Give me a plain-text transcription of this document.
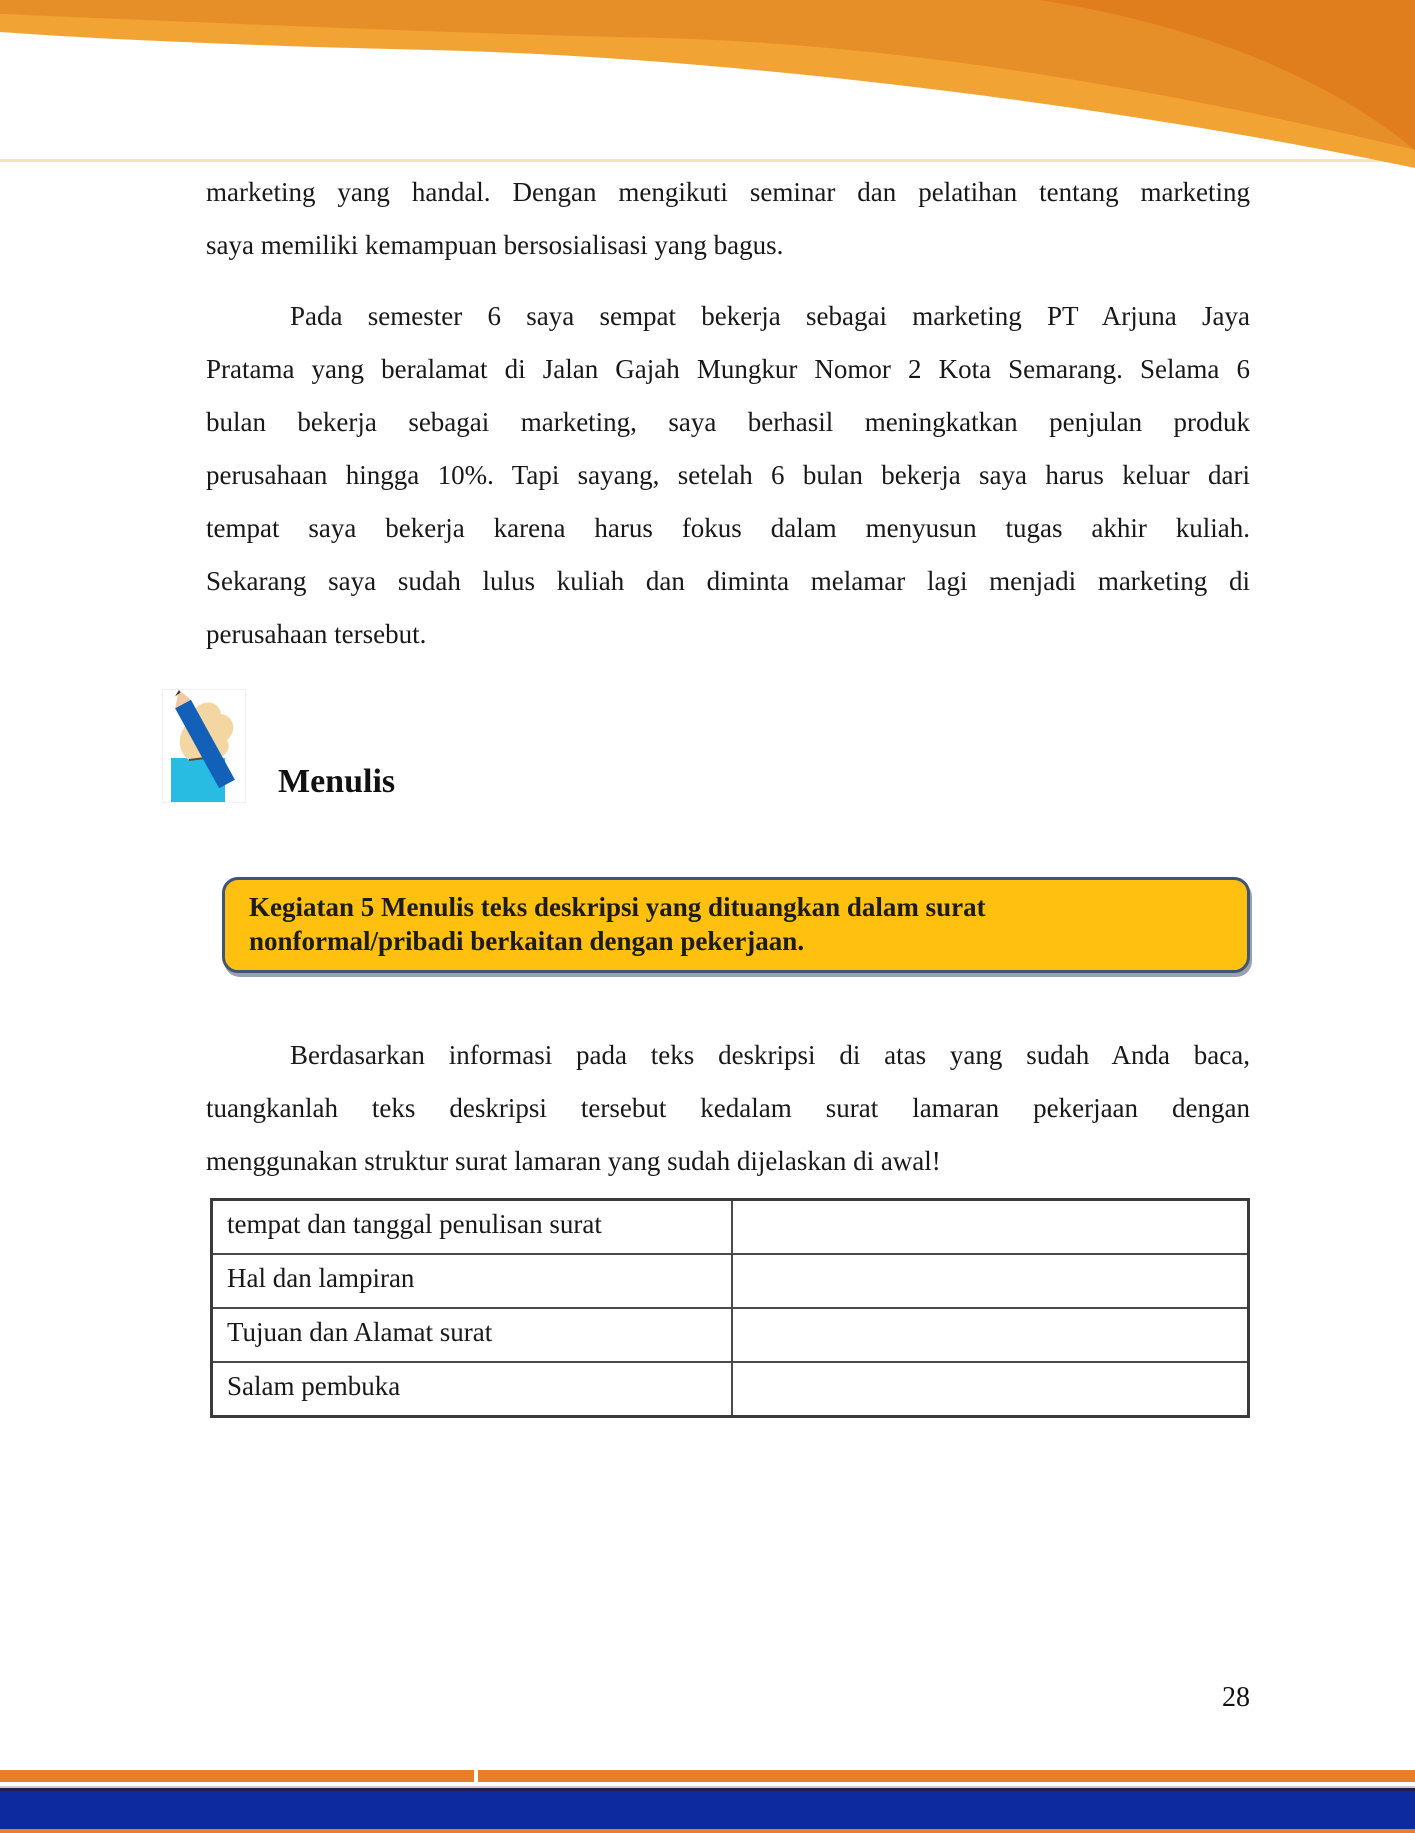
marketing yang handal. Dengan mengikuti seminar dan pelatihan tentang marketing
saya memiliki kemampuan bersosialisasi yang bagus.

Pada semester 6 saya sempat bekerja sebagai marketing PT Arjuna Jaya
Pratama yang beralamat di Jalan Gajah Mungkur Nomor 2 Kota Semarang. Selama 6
bulan bekerja sebagai marketing, saya berhasil meningkatkan penjulan produk
perusahaan hingga 10%. Tapi sayang, setelah 6 bulan bekerja saya harus keluar dari
tempat saya bekerja karena harus fokus dalam menyusun tugas akhir kuliah.
Sekarang saya sudah lulus kuliah dan diminta melamar lagi menjadi marketing di
perusahaan tersebut.

Menulis
Kegiatan 5 Menulis teks deskripsi yang dituangkan dalam surat
nonformal/pribadi berkaitan dengan pekerjaan.

Berdasarkan informasi pada teks deskripsi di atas yang sudah Anda baca,
tuangkanlah teks deskripsi tersebut kedalam surat lamaran pekerjaan dengan
menggunakan struktur surat lamaran yang sudah dijelaskan di awal!

tempat dan tanggal penulisan surat	
Hal dan lampiran	
Tujuan dan Alamat surat	
Salam pembuka	
28
